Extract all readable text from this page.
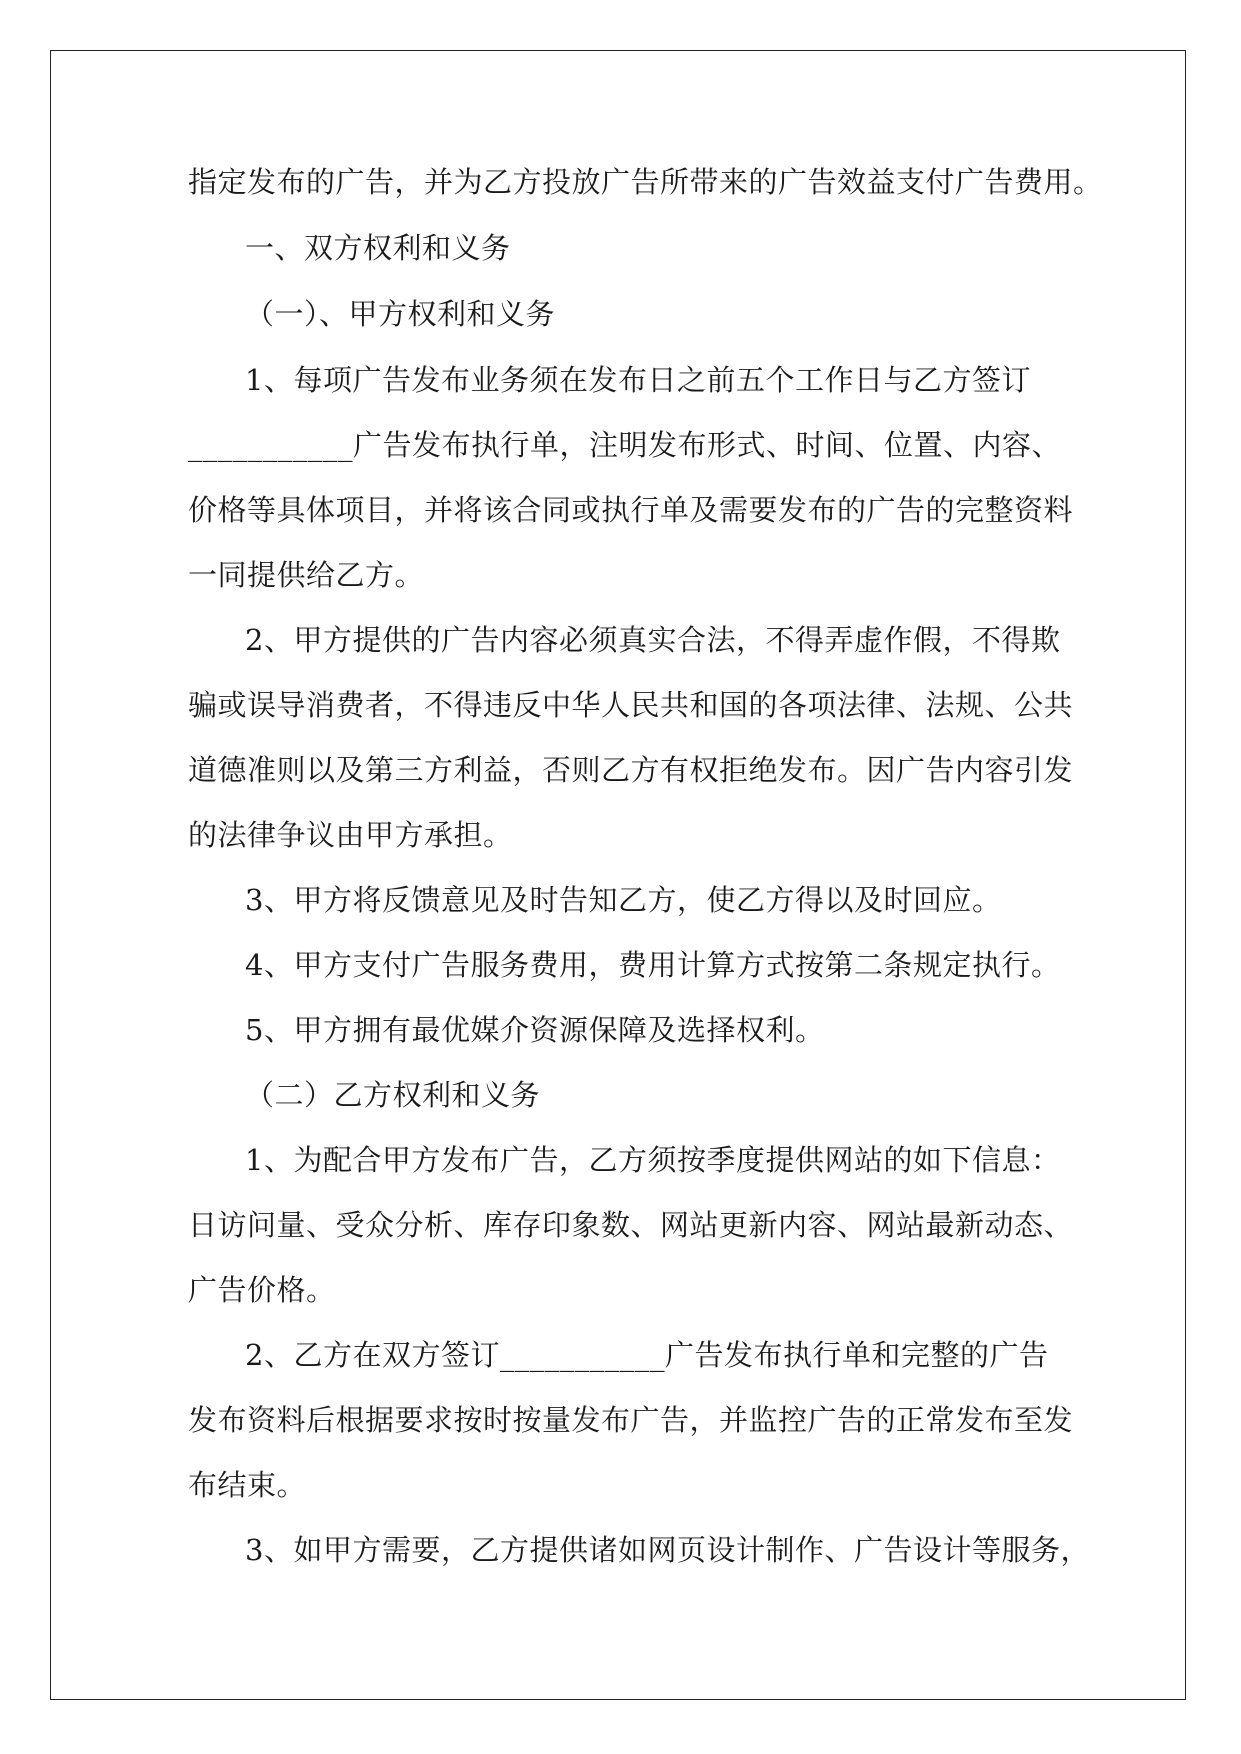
指定发布的广告，并为乙方投放广告所带来的广告效益支付广告费用。
一、双方权利和义务
（一）、甲方权利和义务
1、每项广告发布业务须在发布日之前五个工作日与乙方签订
___________广告发布执行单，注明发布形式、时间、位置、内容、
价格等具体项目，并将该合同或执行单及需要发布的广告的完整资料
一同提供给乙方。
2、甲方提供的广告内容必须真实合法，不得弄虚作假，不得欺
骗或误导消费者，不得违反中华人民共和国的各项法律、法规、公共
道德准则以及第三方利益，否则乙方有权拒绝发布。因广告内容引发
的法律争议由甲方承担。
3、甲方将反馈意见及时告知乙方，使乙方得以及时回应。
4、甲方支付广告服务费用，费用计算方式按第二条规定执行。
5、甲方拥有最优媒介资源保障及选择权利。
（二）乙方权利和义务
1、为配合甲方发布广告，乙方须按季度提供网站的如下信息：
日访问量、受众分析、库存印象数、网站更新内容、网站最新动态、
广告价格。
2、乙方在双方签订___________广告发布执行单和完整的广告
发布资料后根据要求按时按量发布广告，并监控广告的正常发布至发
布结束。
3、如甲方需要，乙方提供诸如网页设计制作、广告设计等服务，
